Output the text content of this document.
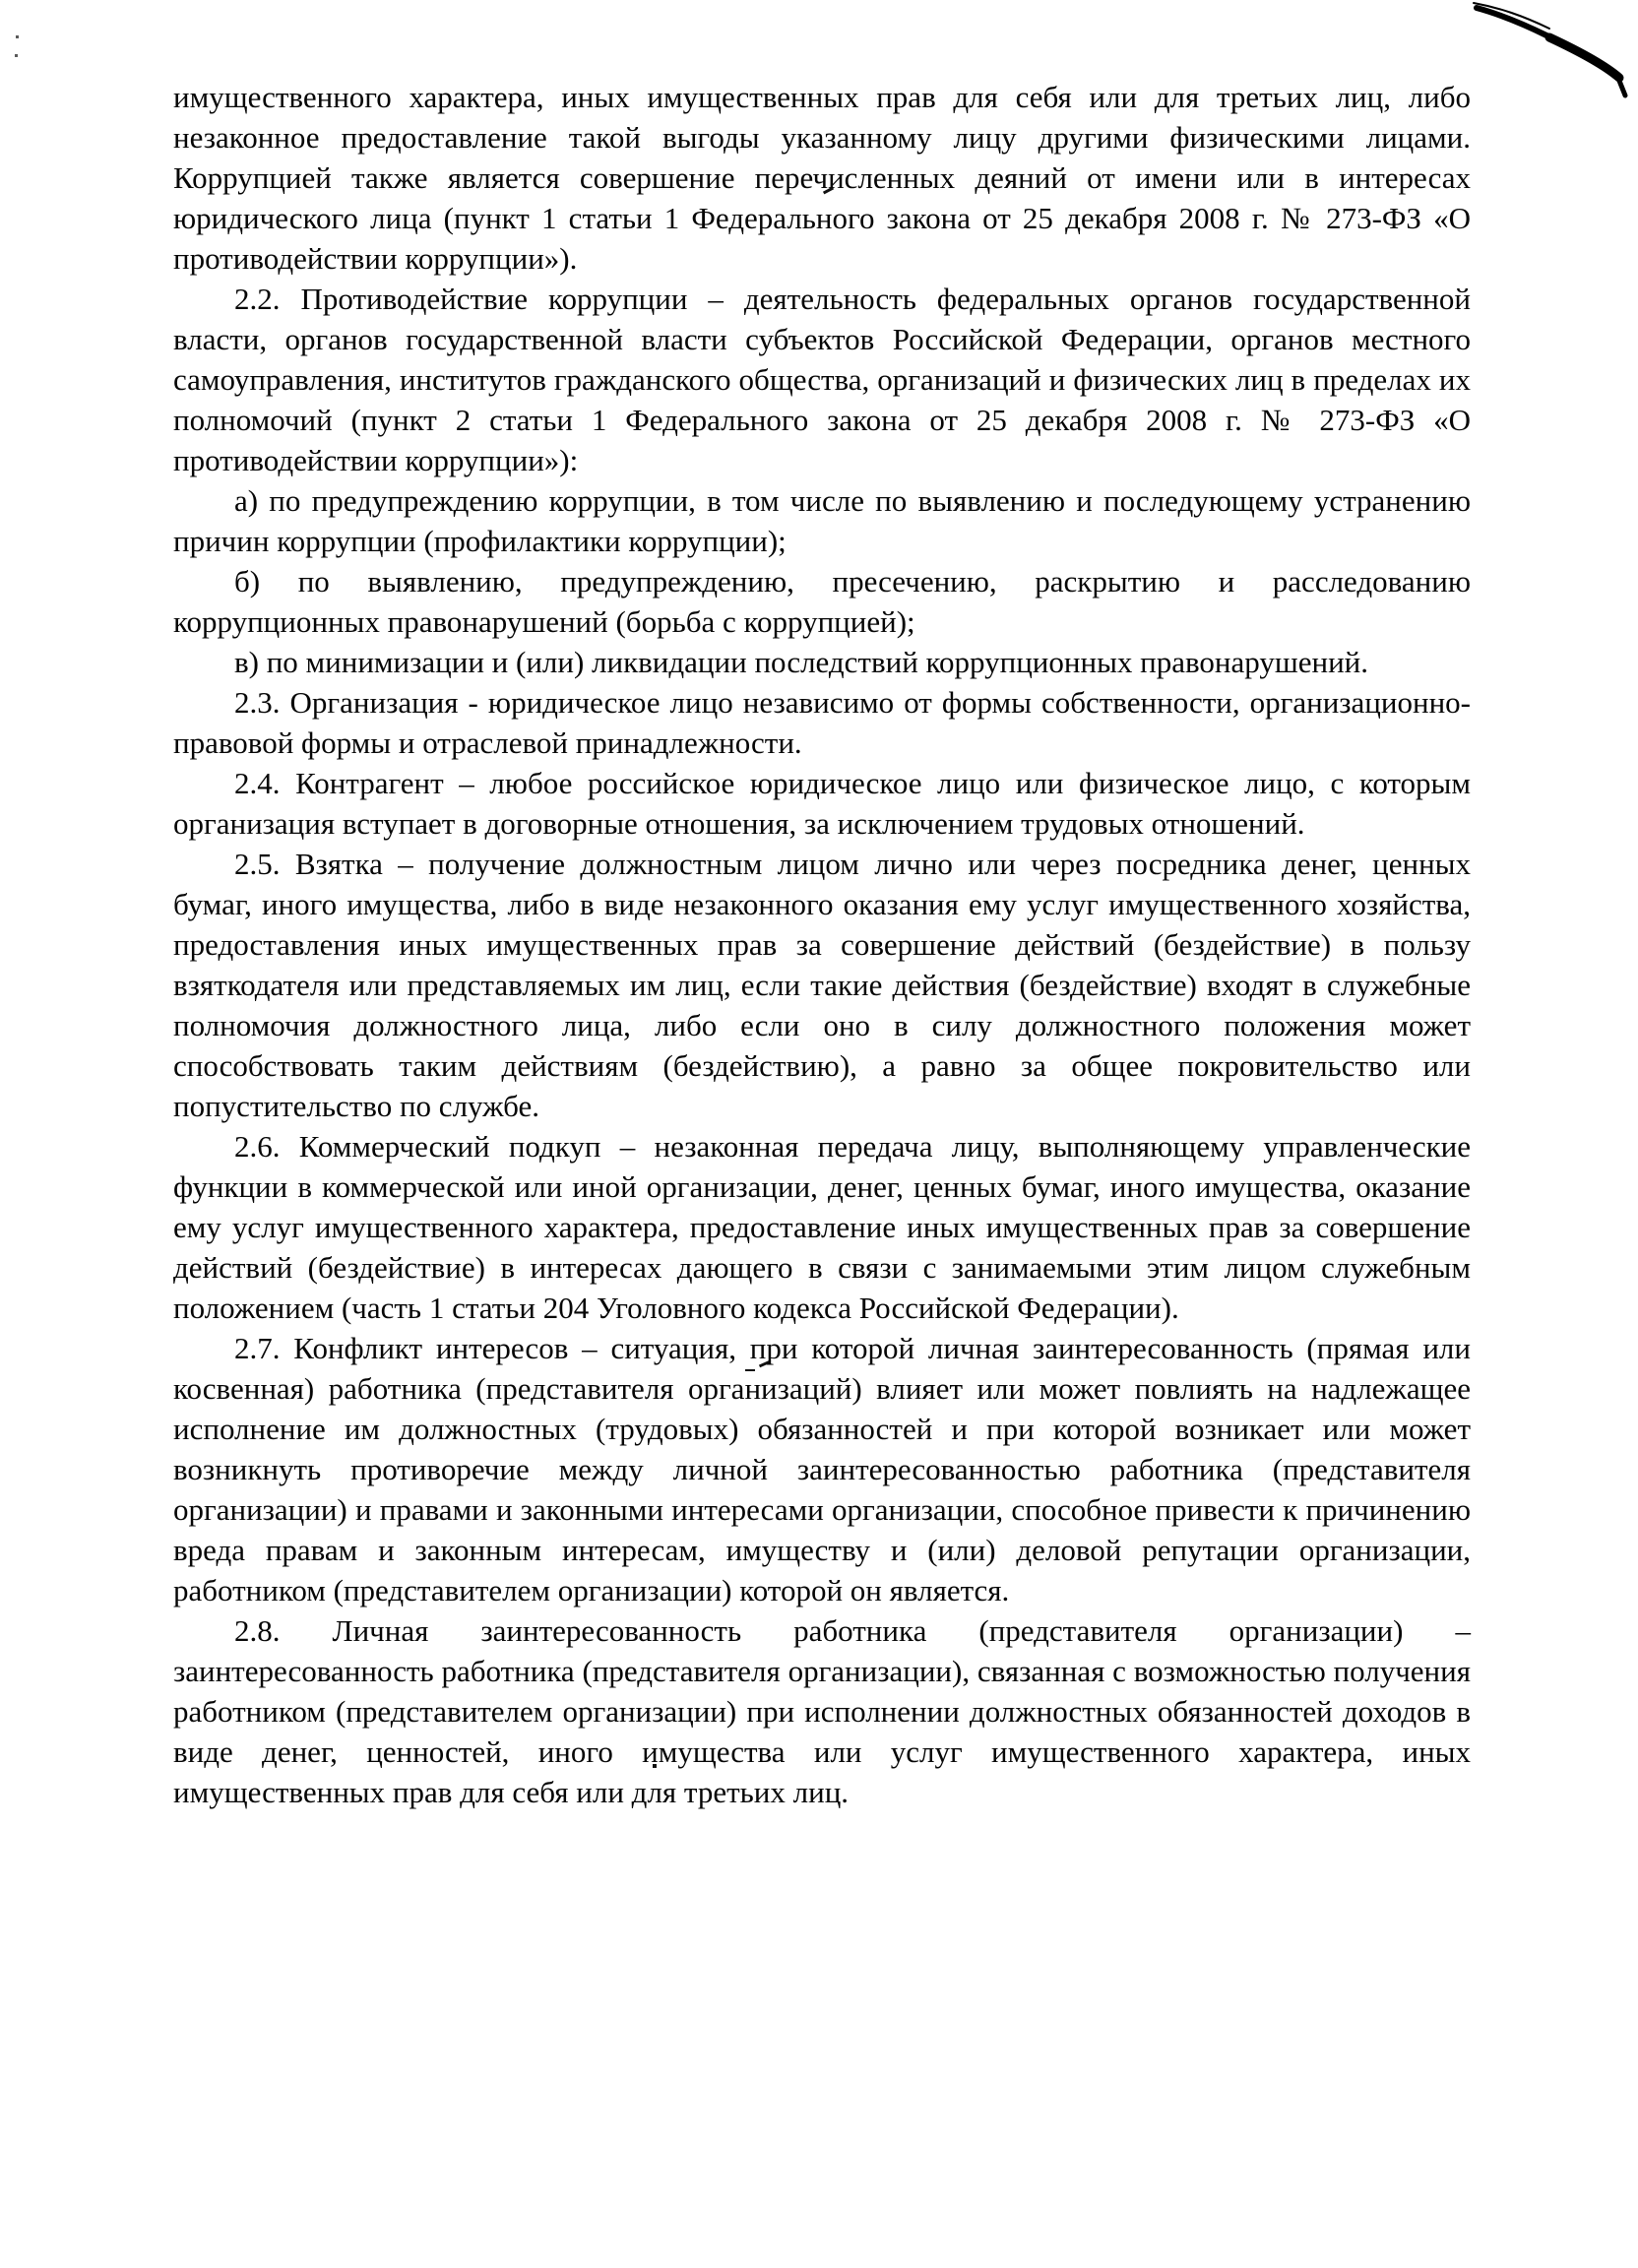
имущественного характера, иных имущественных прав для себя или для третьих лиц, либо незаконное предоставление такой выгоды указанному лицу другими физическими лицами. Коррупцией также является совершение перечисленных деяний от имени или в интересах юридического лица (пункт 1 статьи 1 Федерального закона от 25 декабря 2008 г. № 273-ФЗ «О противодействии коррупции»).

2.2. Противодействие коррупции – деятельность федеральных органов государственной власти, органов государственной власти субъектов Российской Федерации, органов местного самоуправления, институтов гражданского общества, организаций и физических лиц в пределах их полномочий (пункт 2 статьи 1 Федерального закона от 25 декабря 2008 г. № 273-ФЗ «О противодействии коррупции»):

а) по предупреждению коррупции, в том числе по выявлению и последующему устранению причин коррупции (профилактики коррупции);

б) по выявлению, предупреждению, пресечению, раскрытию и расследованию коррупционных правонарушений (борьба с коррупцией);

в) по минимизации и (или) ликвидации последствий коррупционных правонарушений.

2.3. Организация - юридическое лицо независимо от формы собственности, организационно-правовой формы и отраслевой принадлежности.

2.4. Контрагент – любое российское юридическое лицо или физическое лицо, с которым организация вступает в договорные отношения, за исключением трудовых отношений.

2.5. Взятка – получение должностным лицом лично или через посредника денег, ценных бумаг, иного имущества, либо в виде незаконного оказания ему услуг имущественного хозяйства, предоставления иных имущественных прав за совершение действий (бездействие) в пользу взяткодателя или представляемых им лиц, если такие действия (бездействие) входят в служебные полномочия должностного лица, либо если оно в силу должностного положения может способствовать таким действиям (бездействию), а равно за общее покровительство или попустительство по службе.

2.6. Коммерческий подкуп – незаконная передача лицу, выполняющему управленческие функции в коммерческой или иной организации, денег, ценных бумаг, иного имущества, оказание ему услуг имущественного характера, предоставление иных имущественных прав за совершение действий (бездействие) в интересах дающего в связи с занимаемыми этим лицом служебным положением (часть 1 статьи 204 Уголовного кодекса Российской Федерации).

2.7. Конфликт интересов – ситуация, при которой личная заинтересованность (прямая или косвенная) работника (представителя организаций) влияет или может повлиять на надлежащее исполнение им должностных (трудовых) обязанностей и при которой возникает или может возникнуть противоречие между личной заинтересованностью работника (представителя организации) и правами и законными интересами организации, способное привести к причинению вреда правам и законным интересам, имуществу и (или) деловой репутации организации, работником (представителем организации) которой он является.

2.8. Личная заинтересованность работника (представителя организации) – заинтересованность работника (представителя организации), связанная с возможностью получения работником (представителем организации) при исполнении должностных обязанностей доходов в виде денег, ценностей, иного имущества или услуг имущественного характера, иных имущественных прав для себя или для третьих лиц.
